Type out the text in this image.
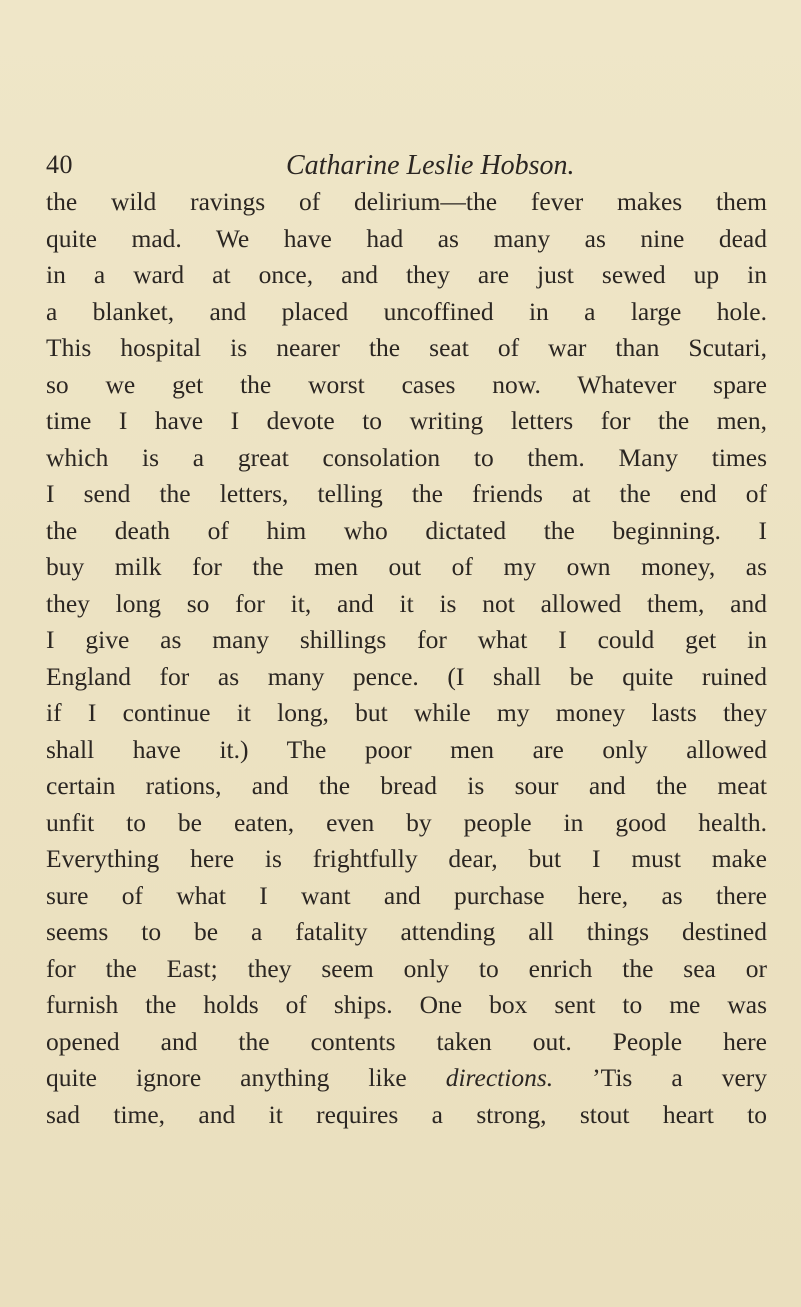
40	Catharine Leslie Hobson.
the wild ravings of delirium—the fever makes them
quite mad. We have had as many as nine dead
in a ward at once, and they are just sewed up in
a blanket, and placed uncoffined in a large hole.
This hospital is nearer the seat of war than Scutari,
so we get the worst cases now. Whatever spare
time I have I devote to writing letters for the men,
which is a great consolation to them. Many times
I send the letters, telling the friends at the end of
the death of him who dictated the beginning. I
buy milk for the men out of my own money, as
they long so for it, and it is not allowed them, and
I give as many shillings for what I could get in
England for as many pence. (I shall be quite ruined
if I continue it long, but while my money lasts they
shall have it.) The poor men are only allowed
certain rations, and the bread is sour and the meat
unfit to be eaten, even by people in good health.
Everything here is frightfully dear, but I must make
sure of what I want and purchase here, as there
seems to be a fatality attending all things destined
for the East; they seem only to enrich the sea or
furnish the holds of ships. One box sent to me was
opened and the contents taken out. People here
quite ignore anything like directions. ’Tis a very
sad time, and it requires a strong, stout heart to
